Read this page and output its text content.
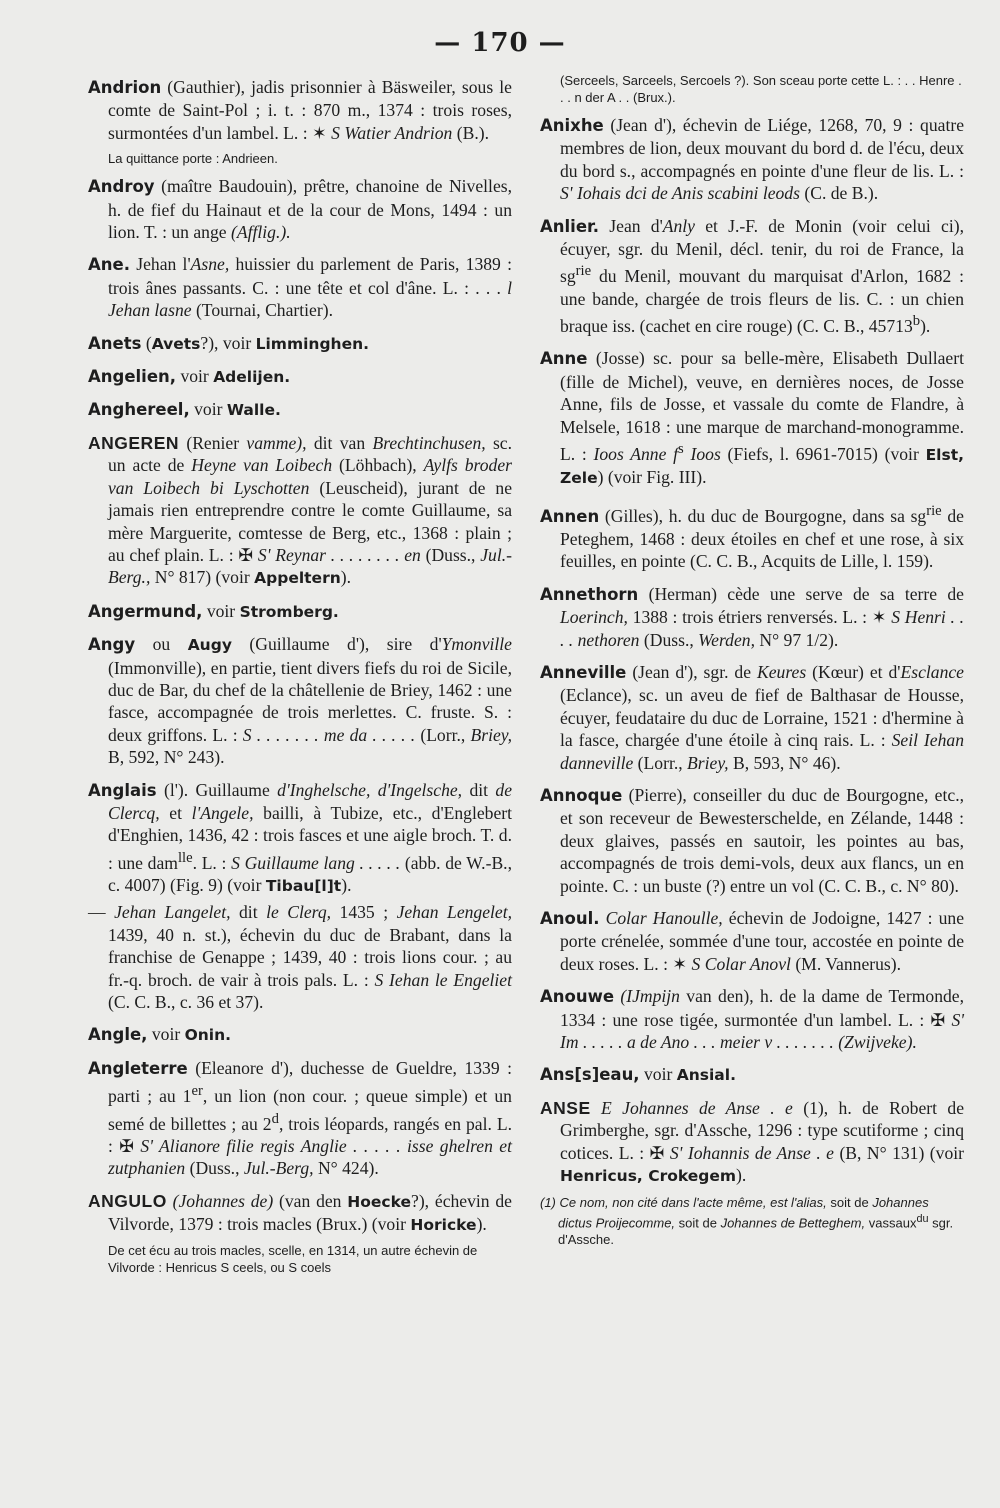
— 170 —
Andrion (Gauthier), jadis prisonnier à Bäsweiler, sous le comte de Saint-Pol ; i. t. : 870 m., 1374 : trois roses, surmontées d'un lambel. L. : ✶ S Watier Andrion (B.).
La quittance porte : Andrieen.
Androy (maître Baudouin), prêtre, chanoine de Nivelles, h. de fief du Hainaut et de la cour de Mons, 1494 : un lion. T. : un ange (Afflig.).
Ane. Jehan l'Asne, huissier du parlement de Paris, 1389 : trois ânes passants. C. : une tête et col d'âne. L. : . . . l Jehan lasne (Tournai, Chartier).
Anets (Avets?), voir Limminghen.
Angelien, voir Adelijen.
Anghereel, voir Walle.
ANGEREN (Renier vamme), dit van Brechtinchusen, sc. un acte de Heyne van Loibech (Löhbach), Aylfs broder van Loibech bi Lyschotten (Leuscheid), jurant de ne jamais rien entreprendre contre le comte Guillaume, sa mère Marguerite, comtesse de Berg, etc., 1368 : plain ; au chef plain. L. : ✠ S' Reynar . . . . . . . . en (Duss., Jul.-Berg., N° 817) (voir Appeltern).
Angermund, voir Stromberg.
Angy ou Augy (Guillaume d'), sire d'Ymonville (Immonville), en partie, tient divers fiefs du roi de Sicile, duc de Bar, du chef de la châtellenie de Briey, 1462 : une fasce, accompagnée de trois merlettes. C. fruste. S. : deux griffons. L. : S . . . . . . . me da . . . . . (Lorr., Briey, B, 592, N° 243).
Anglais (l'). Guillaume d'Inghelsche, d'Ingelsche, dit de Clercq, et l'Angele, bailli, à Tubize, etc., d'Englebert d'Enghien, 1436, 42 : trois fasces et une aigle broch. T. d. : une dam$^{lle}$. L. : S Guillaume lang . . . . . (abb. de W.-B., c. 4007) (Fig. 9) (voir Tibau[l]t).
— Jehan Langelet, dit le Clerq, 1435 ; Jehan Lengelet, 1439, 40 n. st.), échevin du duc de Brabant, dans la franchise de Genappe ; 1439, 40 : trois lions cour. ; au fr.-q. broch. de vair à trois pals. L. : S Iehan le Engeliet (C. C. B., c. 36 et 37).
Angle, voir Onin.
Angleterre (Eleanore d'), duchesse de Gueldre, 1339 : parti ; au 1er, un lion (non cour. ; queue simple) et un semé de billettes ; au 2$^d$, trois léopards, rangés en pal. L. : ✠ S' Alianore filie regis Anglie . . . . . isse ghelren et zutphanien (Duss., Jul.-Berg, N° 424).
ANGULO (Johannes de) (van den Hoecke?), échevin de Vilvorde, 1379 : trois macles (Brux.) (voir Horicke).
De cet écu au trois macles, scelle, en 1314, un autre échevin de Vilvorde : Henricus S ceels, ou S coels
(Serceels, Sarceels, Sercoels ?). Son sceau porte cette L. : . . Henre . . . n der A . . (Brux.).
Anixhe (Jean d'), échevin de Liége, 1268, 70, 9 : quatre membres de lion, deux mouvant du bord d. de l'écu, deux du bord s., accompagnés en pointe d'une fleur de lis. L. : S' Iohais dci de Anis scabini leods (C. de B.).
Anlier. Jean d'Anly et J.-F. de Monin (voir celui ci), écuyer, sgr. du Menil, décl. tenir, du roi de France, la $sg^{rie}$ du Menil, mouvant du marquisat d'Arlon, 1682 : une bande, chargée de trois fleurs de lis. C. : un chien braque iss. (cachet en cire rouge) (C. C. B., 45713$^b$).
Anne (Josse) sc. pour sa belle-mère, Elisabeth Dullaert (fille de Michel), veuve, en dernières noces, de Josse Anne, fils de Josse, et vassale du comte de Flandre, à Melsele, 1618 : une marque de marchand-monogramme. L. : Ioos Anne $f^s$ Ioos (Fiefs, l. 6961-7015) (voir Elst, Zele) (voir Fig. III).
Annen (Gilles), h. du duc de Bourgogne, dans sa $sg^{rie}$ de Peteghem, 1468 : deux étoiles en chef et une rose, à six feuilles, en pointe (C. C. B., Acquits de Lille, l. 159).
Annethorn (Herman) cède une serve de sa terre de Loerinch, 1388 : trois étriers renversés. L. : ✶ S Henri . . . . nethoren (Duss., Werden, N° 97 1/2).
Anneville (Jean d'), sgr. de Keures (Kœur) et d'Esclance (Eclance), sc. un aveu de fief de Balthasar de Housse, écuyer, feudataire du duc de Lorraine, 1521 : d'hermine à la fasce, chargée d'une étoile à cinq rais. L. : Seil Iehan danneville (Lorr., Briey, B, 593, N° 46).
Annoque (Pierre), conseiller du duc de Bourgogne, etc., et son receveur de Bewesterschelde, en Zélande, 1448 : deux glaives, passés en sautoir, les pointes au bas, accompagnés de trois demi-vols, deux aux flancs, un en pointe. C. : un buste (?) entre un vol (C. C. B., c. N° 80).
Anoul. Colar Hanoulle, échevin de Jodoigne, 1427 : une porte crénelée, sommée d'une tour, accostée en pointe de deux roses. L. : ✶ S Colar Anovl (M. Vannerus).
Anouwe (IJmpijn van den), h. de la dame de Termonde, 1334 : une rose tigée, surmontée d'un lambel. L. : ✠ S' Im . . . . . a de Ano . . . meier v . . . . . . . (Zwijveke).
Ans[s]eau, voir Ansial.
ANSE E Johannes de Anse . e (1), h. de Robert de Grimberghe, sgr. d'Assche, 1296 : type scutiforme ; cinq cotices. L. : ✠ S' Iohannis de Anse . e (B, N° 131) (voir Henricus, Crokegem).
(1) Ce nom, non cité dans l'acte même, est l'alias, soit de Johannes dictus Proijecomme, soit de Johannes de Betteghem, vassaux$^{du}$ sgr. d'Assche.
